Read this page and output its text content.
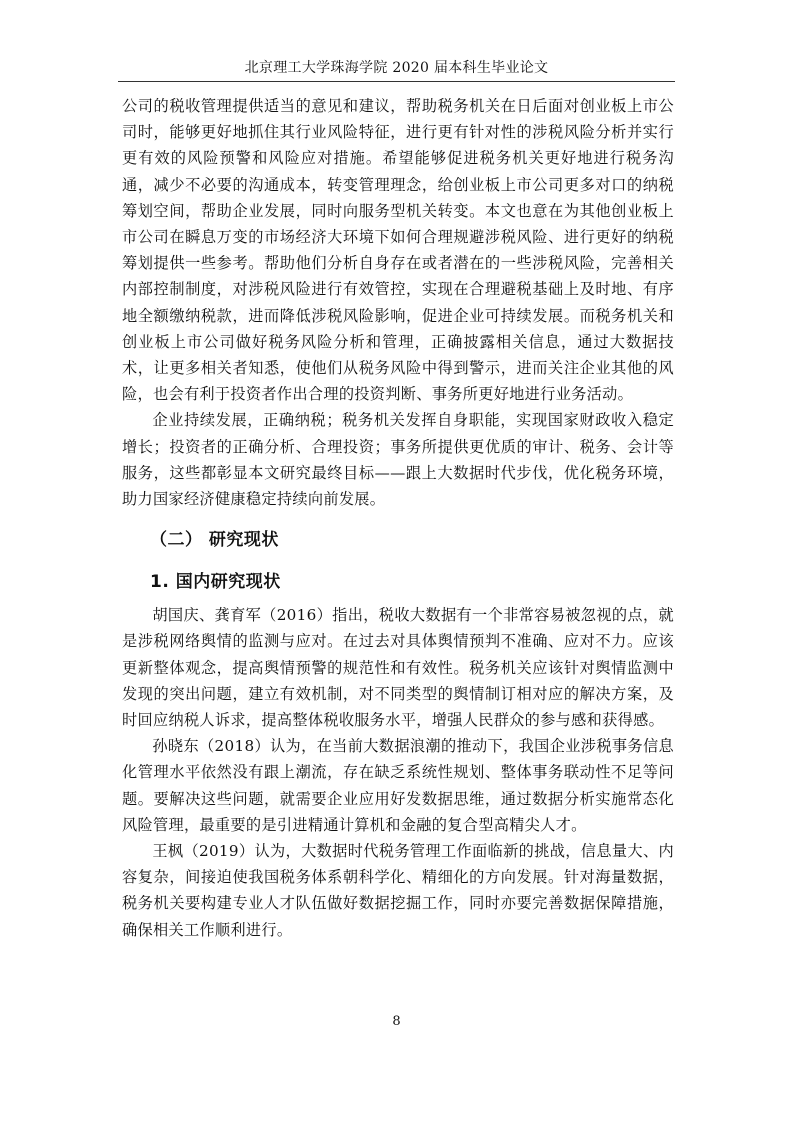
北京理工大学珠海学院 2020 届本科生毕业论文

公司的税收管理提供适当的意见和建议，帮助税务机关在日后面对创业板上市公司时，能够更好地抓住其行业风险特征，进行更有针对性的涉税风险分析并实行更有效的风险预警和风险应对措施。希望能够促进税务机关更好地进行税务沟通，减少不必要的沟通成本，转变管理理念，给创业板上市公司更多对口的纳税筹划空间，帮助企业发展，同时向服务型机关转变。本文也意在为其他创业板上市公司在瞬息万变的市场经济大环境下如何合理规避涉税风险、进行更好的纳税筹划提供一些参考。帮助他们分析自身存在或者潜在的一些涉税风险，完善相关内部控制制度，对涉税风险进行有效管控，实现在合理避税基础上及时地、有序地全额缴纳税款，进而降低涉税风险影响，促进企业可持续发展。而税务机关和创业板上市公司做好税务风险分析和管理，正确披露相关信息，通过大数据技术，让更多相关者知悉，使他们从税务风险中得到警示，进而关注企业其他的风险，也会有利于投资者作出合理的投资判断、事务所更好地进行业务活动。

企业持续发展，正确纳税；税务机关发挥自身职能，实现国家财政收入稳定增长；投资者的正确分析、合理投资；事务所提供更优质的审计、税务、会计等服务，这些都彰显本文研究最终目标——跟上大数据时代步伐，优化税务环境，助力国家经济健康稳定持续向前发展。

（二） 研究现状
1. 国内研究现状

胡国庆、龚育军（2016）指出，税收大数据有一个非常容易被忽视的点，就是涉税网络舆情的监测与应对。在过去对具体舆情预判不准确、应对不力。应该更新整体观念，提高舆情预警的规范性和有效性。税务机关应该针对舆情监测中发现的突出问题，建立有效机制，对不同类型的舆情制订相对应的解决方案，及时回应纳税人诉求，提高整体税收服务水平，增强人民群众的参与感和获得感。

孙晓东（2018）认为，在当前大数据浪潮的推动下，我国企业涉税事务信息化管理水平依然没有跟上潮流，存在缺乏系统性规划、整体事务联动性不足等问题。要解决这些问题，就需要企业应用好发数据思维，通过数据分析实施常态化风险管理，最重要的是引进精通计算机和金融的复合型高精尖人才。

王枫（2019）认为，大数据时代税务管理工作面临新的挑战，信息量大、内容复杂，间接迫使我国税务体系朝科学化、精细化的方向发展。针对海量数据，税务机关要构建专业人才队伍做好数据挖掘工作，同时亦要完善数据保障措施，确保相关工作顺利进行。

8
